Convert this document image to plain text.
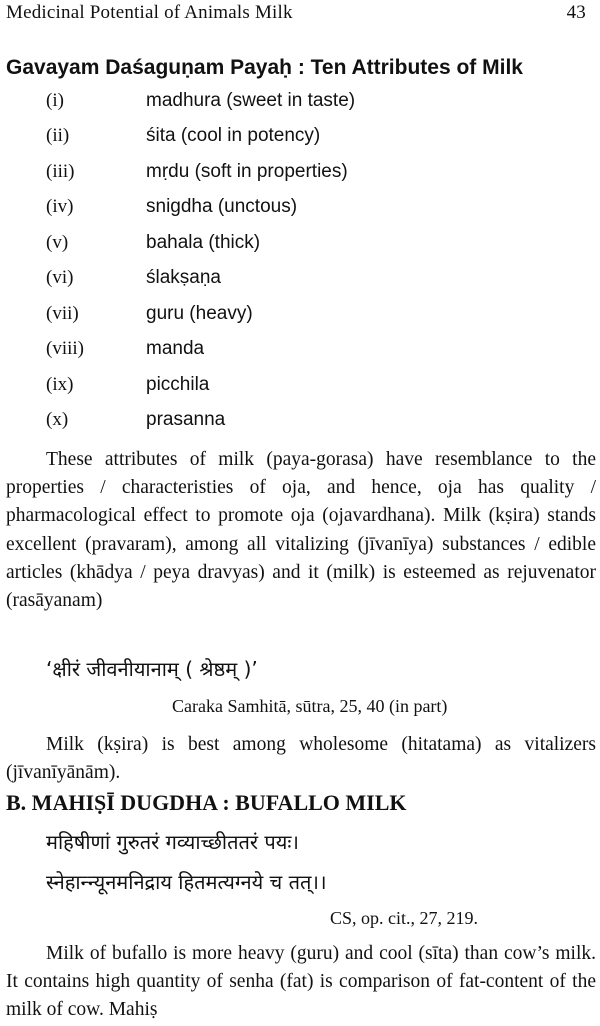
Medicinal Potential of Animals Milk	43
Gavayam Daśaguṇam Payaḥ : Ten Attributes of Milk
(i)	madhura (sweet in taste)
(ii)	śita (cool in potency)
(iii)	mṛdu (soft in properties)
(iv)	snigdha (unctous)
(v)	bahala (thick)
(vi)	ślakṣaṇa
(vii)	guru (heavy)
(viii)	manda
(ix)	picchila
(x)	prasanna

These attributes of milk (paya-gorasa) have resemblance to the properties / characteristies of oja, and hence, oja has quality / pharmacological effect to promote oja (ojavardhana). Milk (kṣira) stands excellent (pravaram), among all vitalizing (jīvanīya) substances / edible articles (khādya / peya dravyas) and it (milk) is esteemed as rejuvenator (rasāyanam)

‘क्षीरं जीवनीयानाम् ( श्रेष्ठम् )’
Caraka Samhitā, sūtra, 25, 40 (in part)

Milk (kṣira) is best among wholesome (hitatama) as vitalizers (jīvanīyānām).

B. MAHIṢĪ DUGDHA : BUFALLO MILK
महिषीणां गुरुतरं गव्याच्छीततरं पयः।
स्नेहान्न्यूनमनिद्राय हितमत्यग्नये च तत्।।
CS, op. cit., 27, 219.

Milk of bufallo is more heavy (guru) and cool (sīta) than cow’s milk. It contains high quantity of senha (fat) is comparison of fat-content of the milk of cow. Mahiṣ
